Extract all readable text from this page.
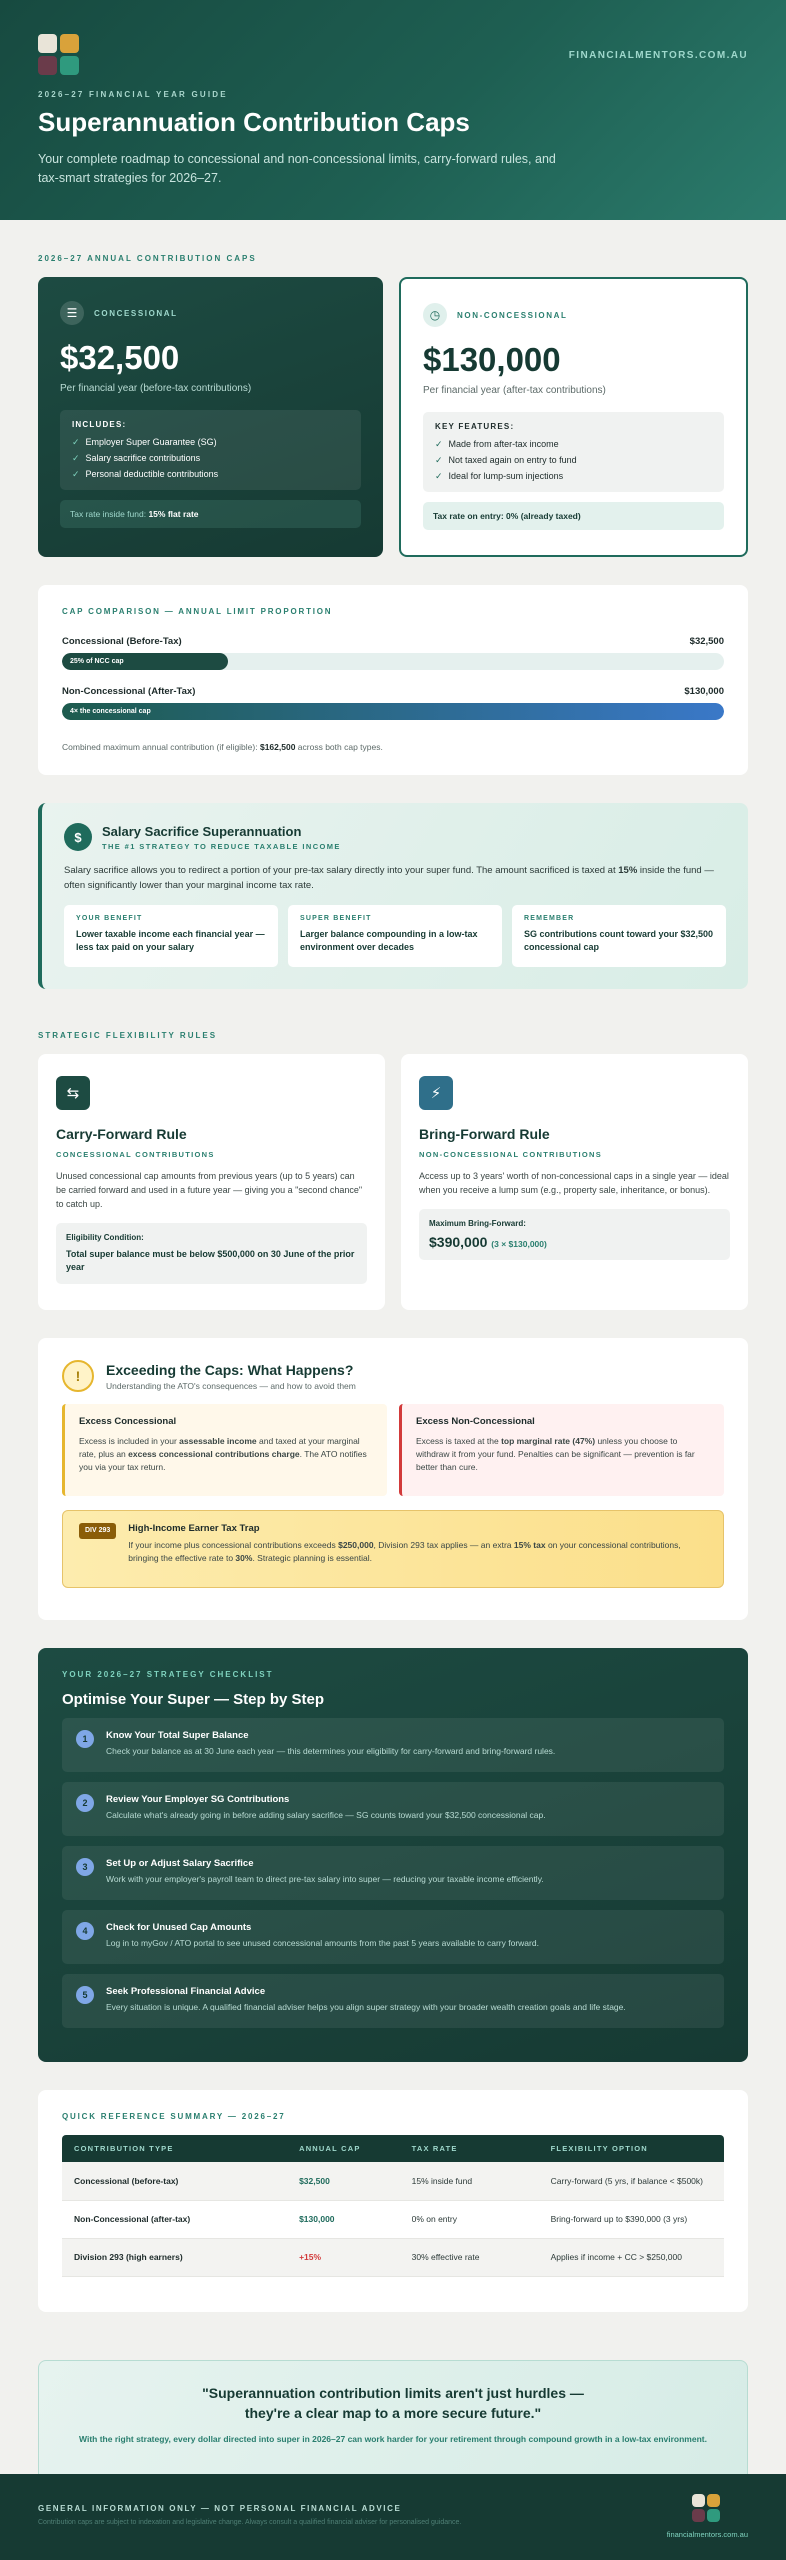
FINANCIALMENTORS.COM.AU
2026–27 FINANCIAL YEAR GUIDE
Superannuation Contribution Caps
Your complete roadmap to concessional and non-concessional limits, carry-forward rules, and tax-smart strategies for 2026–27.
2026–27 ANNUAL CONTRIBUTION CAPS
☰	CONCESSIONAL
$32,500
Per financial year (before-tax contributions)
INCLUDES:
✓ Employer Super Guarantee (SG)
✓ Salary sacrifice contributions
✓ Personal deductible contributions
Tax rate inside fund: 15% flat rate
◷	NON-CONCESSIONAL
$130,000
Per financial year (after-tax contributions)
KEY FEATURES:
✓ Made from after-tax income
✓ Not taxed again on entry to fund
✓ Ideal for lump-sum injections
Tax rate on entry: 0% (already taxed)
CAP COMPARISON — ANNUAL LIMIT PROPORTION
Concessional (Before-Tax)	$32,500
25% of NCC cap
Non-Concessional (After-Tax)	$130,000
4× the concessional cap
Combined maximum annual contribution (if eligible): $162,500 across both cap types.
$	Salary Sacrifice Superannuation
THE #1 STRATEGY TO REDUCE TAXABLE INCOME

Salary sacrifice allows you to redirect a portion of your pre-tax salary directly into your super fund. The amount sacrificed is taxed at 15% inside the fund — often significantly lower than your marginal income tax rate.

YOUR BENEFIT
Lower taxable income each financial year — less tax paid on your salary
SUPER BENEFIT
Larger balance compounding in a low-tax environment over decades
REMEMBER
SG contributions count toward your $32,500 concessional cap
STRATEGIC FLEXIBILITY RULES
⇆
Carry-Forward Rule
CONCESSIONAL CONTRIBUTIONS

Unused concessional cap amounts from previous years (up to 5 years) can be carried forward and used in a future year — giving you a "second chance" to catch up.

Eligibility Condition:
Total super balance must be below $500,000 on 30 June of the prior year
⚡
Bring-Forward Rule
NON-CONCESSIONAL CONTRIBUTIONS

Access up to 3 years' worth of non-concessional caps in a single year — ideal when you receive a lump sum (e.g., property sale, inheritance, or bonus).

Maximum Bring-Forward:
$390,000 (3 × $130,000)
!	Exceeding the Caps: What Happens?
Understanding the ATO's consequences — and how to avoid them
Excess Concessional
Excess is included in your assessable income and taxed at your marginal rate, plus an excess concessional contributions charge. The ATO notifies you via your tax return.
Excess Non-Concessional
Excess is taxed at the top marginal rate (47%) unless you choose to withdraw it from your fund. Penalties can be significant — prevention is far better than cure.
DIV 293	High-Income Earner Tax Trap
If your income plus concessional contributions exceeds $250,000, Division 293 tax applies — an extra 15% tax on your concessional contributions, bringing the effective rate to 30%. Strategic planning is essential.
YOUR 2026–27 STRATEGY CHECKLIST
Optimise Your Super — Step by Step
1	Know Your Total Super Balance
Check your balance as at 30 June each year — this determines your eligibility for carry-forward and bring-forward rules.
2	Review Your Employer SG Contributions
Calculate what's already going in before adding salary sacrifice — SG counts toward your $32,500 concessional cap.
3	Set Up or Adjust Salary Sacrifice
Work with your employer's payroll team to direct pre-tax salary into super — reducing your taxable income efficiently.
4	Check for Unused Cap Amounts
Log in to myGov / ATO portal to see unused concessional amounts from the past 5 years available to carry forward.
5	Seek Professional Financial Advice
Every situation is unique. A qualified financial adviser helps you align super strategy with your broader wealth creation goals and life stage.
QUICK REFERENCE SUMMARY — 2026–27
CONTRIBUTION TYPE	ANNUAL CAP	TAX RATE	FLEXIBILITY OPTION
Concessional (before-tax)	$32,500	15% inside fund	Carry-forward (5 yrs, if balance < $500k)
Non-Concessional (after-tax)	$130,000	0% on entry	Bring-forward up to $390,000 (3 yrs)
Division 293 (high earners)	+15%	30% effective rate	Applies if income + CC > $250,000
"Superannuation contribution limits aren't just hurdles —
they're a clear map to a more secure future."
With the right strategy, every dollar directed into super in 2026–27 can work harder for your retirement through compound growth in a low-tax environment.
GENERAL INFORMATION ONLY — NOT PERSONAL FINANCIAL ADVICE
Contribution caps are subject to indexation and legislative change. Always consult a qualified financial adviser for personalised guidance.
financialmentors.com.au
